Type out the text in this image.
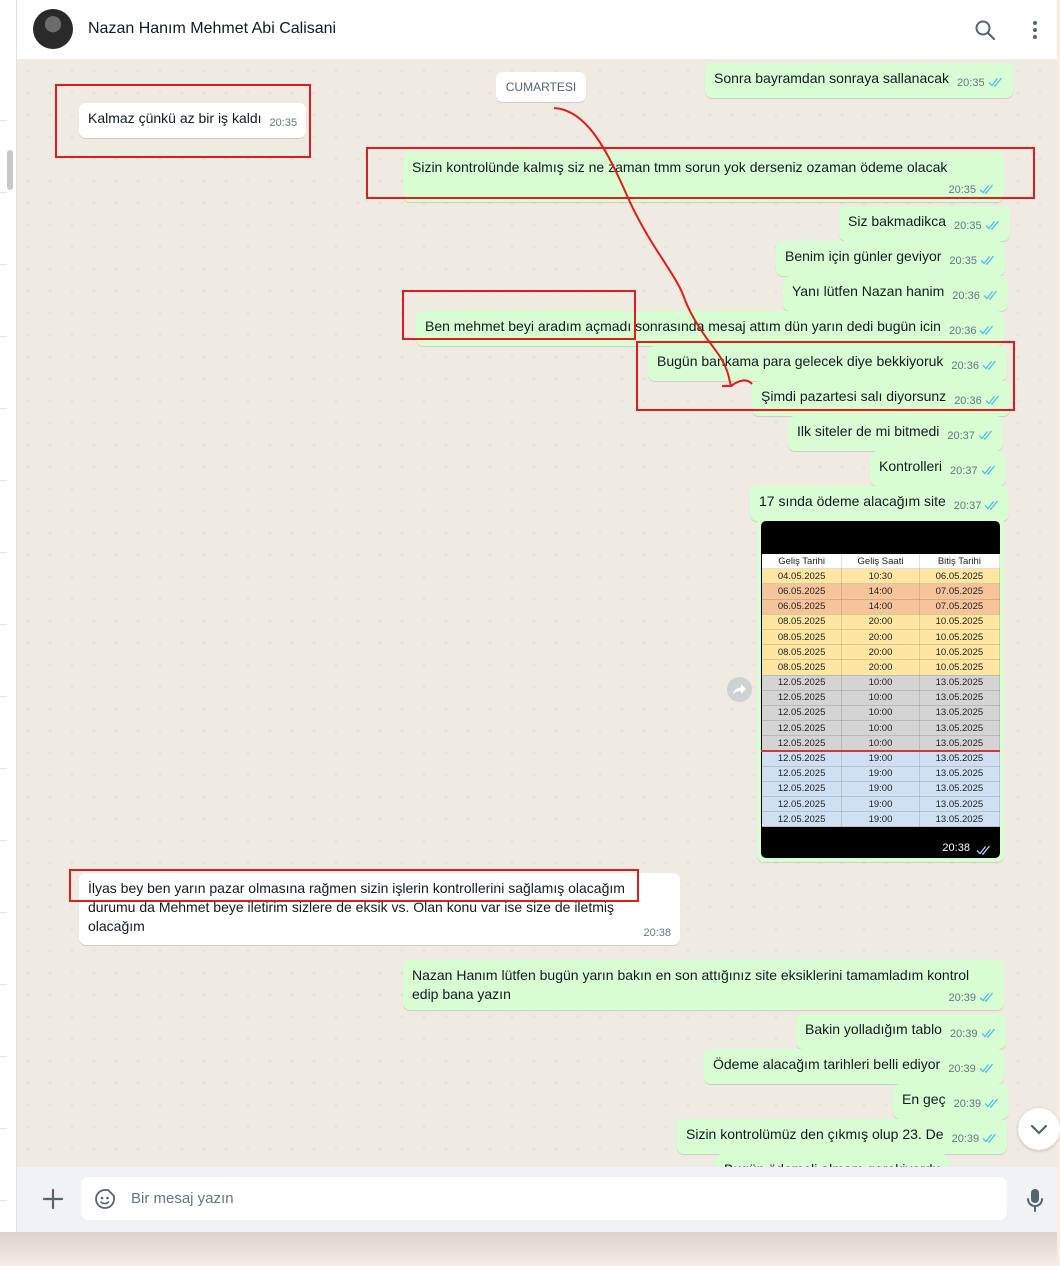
Nazan Hanım Mehmet Abi Calisani
CUMARTESI
Sonra bayramdan sonraya sallanacak $_{20:35}$
Kalmaz çünkü az bir iş kaldı $_{20:35}$
Sizin kontrolünde kalmış siz ne zaman tmm sorun yok derseniz ozaman ödeme olacak
$_{20:35}$
Siz bakmadikca $_{20:35}$
Benim için günler geviyor $_{20:35}$
Yanı lütfen Nazan hanim $_{20:36}$
Ben mehmet beyi aradım açmadı sonrasında mesaj attım dün yarın dedi bugün icin $_{20:36}$
Bugün bankama para gelecek diye bekkiyoruk $_{20:36}$
Şimdi pazartesi salı diyorsunz $_{20:36}$
Ilk siteler de mi bitmedi $_{20:37}$
Kontrolleri $_{20:37}$
17 sında ödeme alacağım site $_{20:37}$
Geliş Tarihi	Geliş Saati	Bitiş Tarihi
04.05.2025	10:30	06.05.2025
06.05.2025	14:00	07.05.2025
06.05.2025	14:00	07.05.2025
08.05.2025	20:00	10.05.2025
08.05.2025	20:00	10.05.2025
08.05.2025	20:00	10.05.2025
08.05.2025	20:00	10.05.2025
12.05.2025	10:00	13.05.2025
12.05.2025	10:00	13.05.2025
12.05.2025	10:00	13.05.2025
12.05.2025	10:00	13.05.2025
12.05.2025	10:00	13.05.2025
12.05.2025	19:00	13.05.2025
12.05.2025	19:00	13.05.2025
12.05.2025	19:00	13.05.2025
12.05.2025	19:00	13.05.2025
12.05.2025	19:00	13.05.2025
20:38
İlyas bey ben yarın pazar olmasına rağmen sizin işlerin kontrollerini sağlamış olacağım durumu da Mehmet beye iletirim sizlere de eksik vs. Olan konu var ise size de iletmiş olacağım	$_{20:38}$
Nazan Hanım lütfen bugün yarın bakın en son attığınız site eksiklerini tamamladım kontrol edip bana yazın	$_{20:39}$
Bakin yolladığım tablo $_{20:39}$
Ödeme alacağım tarihleri belli ediyor $_{20:39}$
En geç $_{20:39}$
Sizin kontrolümüz den çıkmış olup 23. De $_{20:39}$
Bir mesaj yazın
